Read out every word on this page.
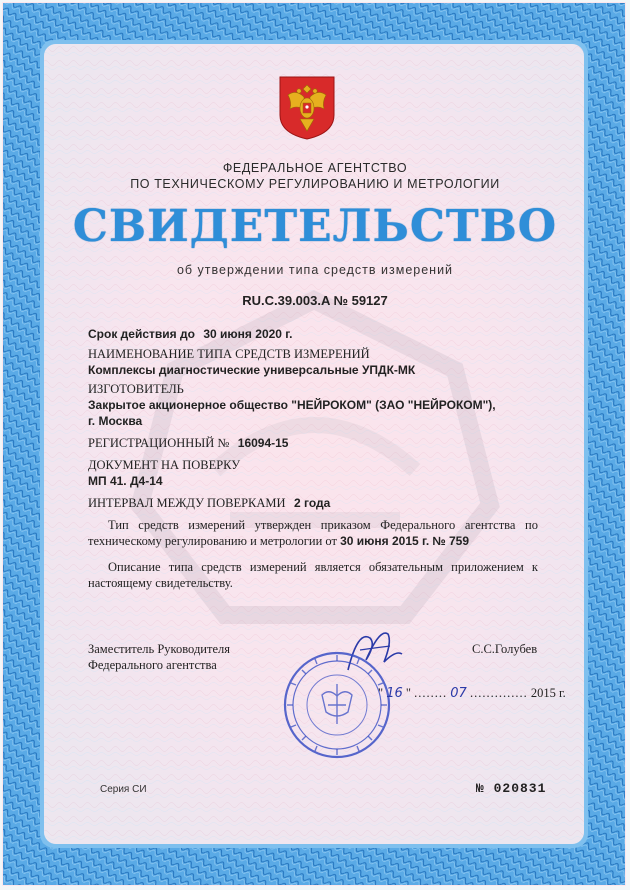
ФЕДЕРАЛЬНОЕ АГЕНТСТВО
ПО ТЕХНИЧЕСКОМУ РЕГУЛИРОВАНИЮ И МЕТРОЛОГИИ
СВИДЕТЕЛЬСТВО
об утверждении типа средств измерений
RU.C.39.003.A № 59127
Срок действия до 30 июня 2020 г.
НАИМЕНОВАНИЕ ТИПА СРЕДСТВ ИЗМЕРЕНИЙ
Комплексы диагностические универсальные УПДК-МК
ИЗГОТОВИТЕЛЬ
Закрытое акционерное общество "НЕЙРОКОМ" (ЗАО "НЕЙРОКОМ"),
г. Москва
РЕГИСТРАЦИОННЫЙ № 16094-15
ДОКУМЕНТ НА ПОВЕРКУ
МП 41. Д4-14
ИНТЕРВАЛ МЕЖДУ ПОВЕРКАМИ 2 года
Тип средств измерений утвержден приказом Федерального агентства по техническому регулированию и метрологии от 30 июня 2015 г. № 759
Описание типа средств измерений является обязательным приложением к настоящему свидетельству.
Заместитель Руководителя
Федерального агентства
С.С.Голубев
" 16 " ........ 07 .............. 2015 г.
Серия СИ	№ 020831
